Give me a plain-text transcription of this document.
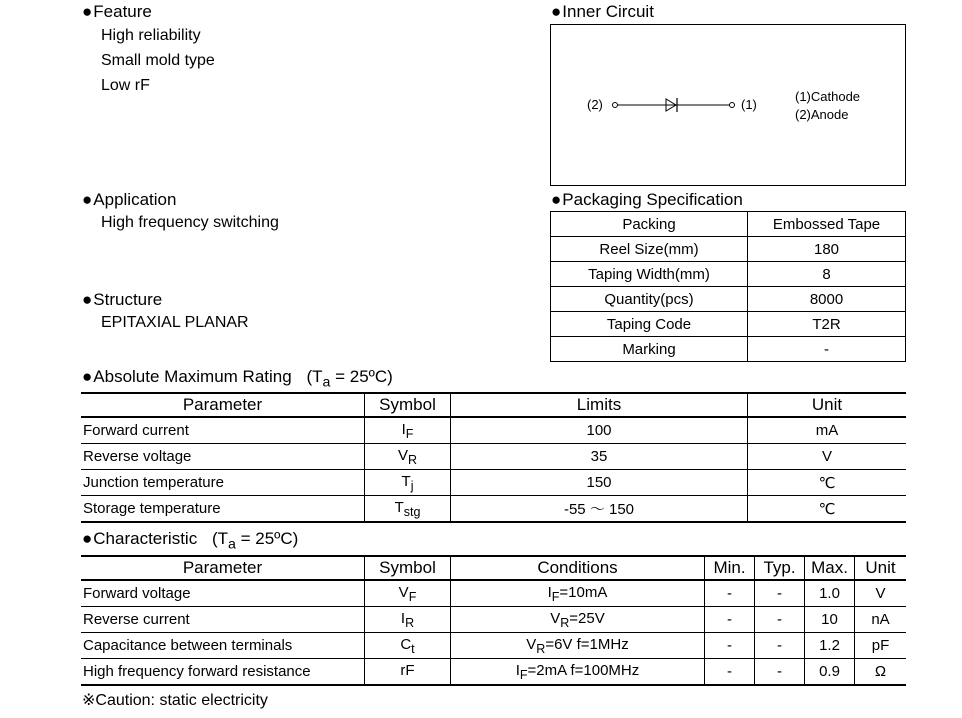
●Feature
High reliability
Small mold type
Low rF
●Inner Circuit
(2)	(1)
(1)Cathode
(2)Anode
●Application
High frequency switching
●Packaging Specification
Packing	Embossed Tape
Reel Size(mm)	180
Taping Width(mm)	8
Quantity(pcs)	8000
Taping Code	T2R
Marking	-
●Structure
EPITAXIAL PLANAR
●Absolute Maximum Rating ($T_a$ = 25ºC)
Parameter	Symbol	Limits	Unit
Forward current	$I_F$	100	mA
Reverse voltage	$V_R$	35	V
Junction temperature	$T_j$	150	℃
Storage temperature	$T_{stg}$	-55 ～ 150	℃
●Characteristic ($T_a$ = 25ºC)
Parameter	Symbol	Conditions	Min.	Typ.	Max.	Unit
Forward voltage	$V_F$	$I_F=10mA$	-	-	1.0	V
Reverse current	$I_R$	$V_R=25V$	-	-	10	nA
Capacitance between terminals	$C_t$	$V_R=6V$ f=1MHz	-	-	1.2	pF
High frequency forward resistance	rF	$I_F=2mA$ f=100MHz	-	-	0.9	Ω
※Caution: static electricity
